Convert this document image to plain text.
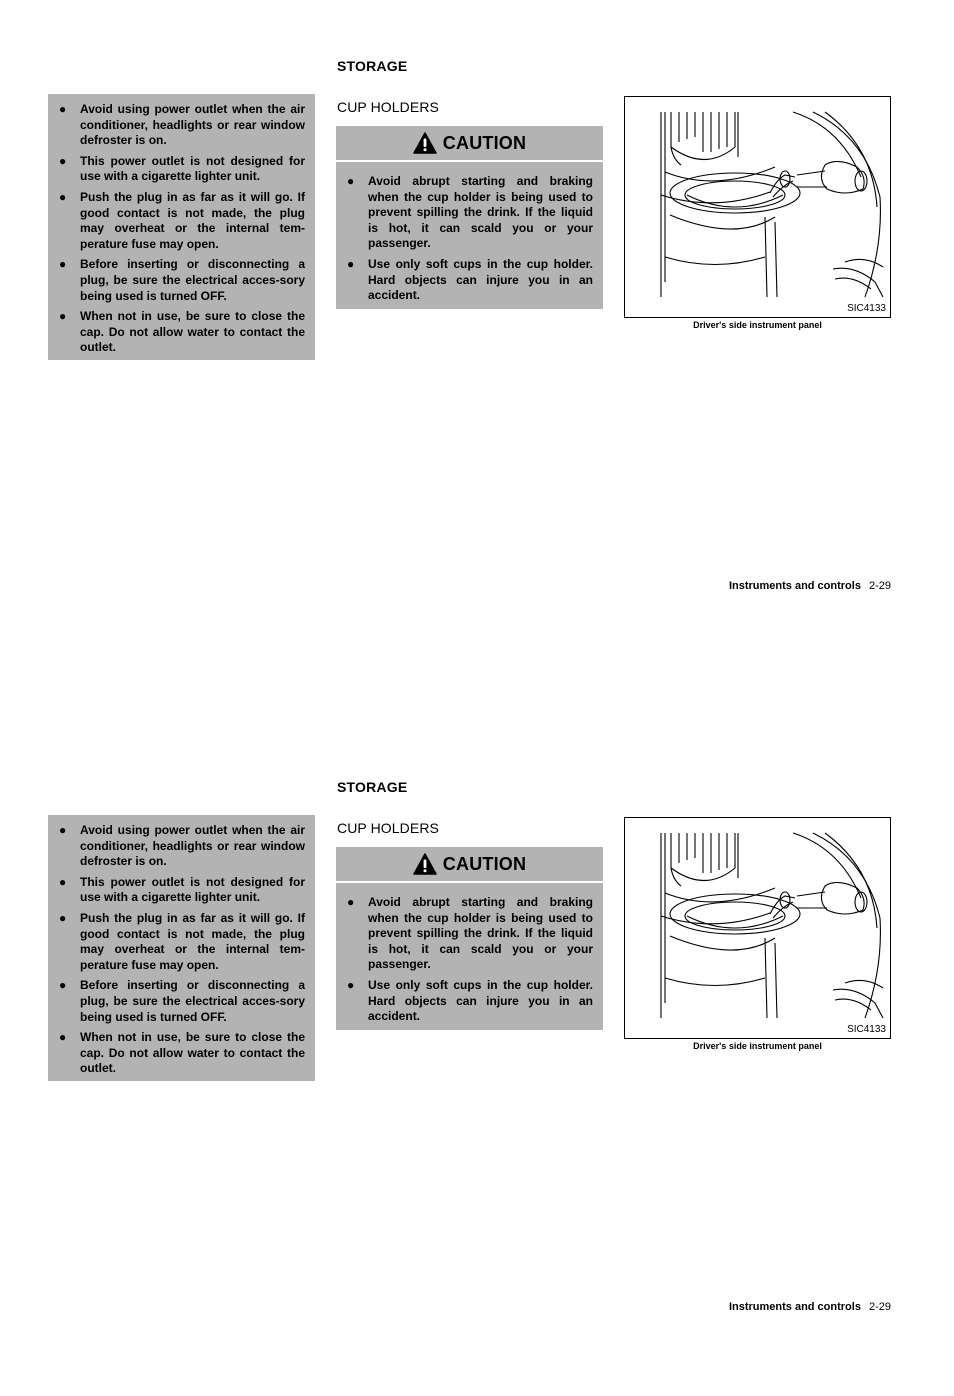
STORAGE
● Avoid using power outlet when the air conditioner, headlights or rear window defroster is on.
● This power outlet is not designed for use with a cigarette lighter unit.
● Push the plug in as far as it will go. If good contact is not made, the plug may overheat or the internal tem-perature fuse may open.
● Before inserting or disconnecting a plug, be sure the electrical acces-sory being used is turned OFF.
● When not in use, be sure to close the cap. Do not allow water to contact the outlet.
CUP HOLDERS
CAUTION
● Avoid abrupt starting and braking when the cup holder is being used to prevent spilling the drink. If the liquid is hot, it can scald you or your passenger.
● Use only soft cups in the cup holder. Hard objects can injure you in an accident.
SIC4133
Driver's side instrument panel
Instruments and controls 2-29
STORAGE
● Avoid using power outlet when the air conditioner, headlights or rear window defroster is on.
● This power outlet is not designed for use with a cigarette lighter unit.
● Push the plug in as far as it will go. If good contact is not made, the plug may overheat or the internal tem-perature fuse may open.
● Before inserting or disconnecting a plug, be sure the electrical acces-sory being used is turned OFF.
● When not in use, be sure to close the cap. Do not allow water to contact the outlet.
CUP HOLDERS
CAUTION
● Avoid abrupt starting and braking when the cup holder is being used to prevent spilling the drink. If the liquid is hot, it can scald you or your passenger.
● Use only soft cups in the cup holder. Hard objects can injure you in an accident.
SIC4133
Driver's side instrument panel
Instruments and controls 2-29
